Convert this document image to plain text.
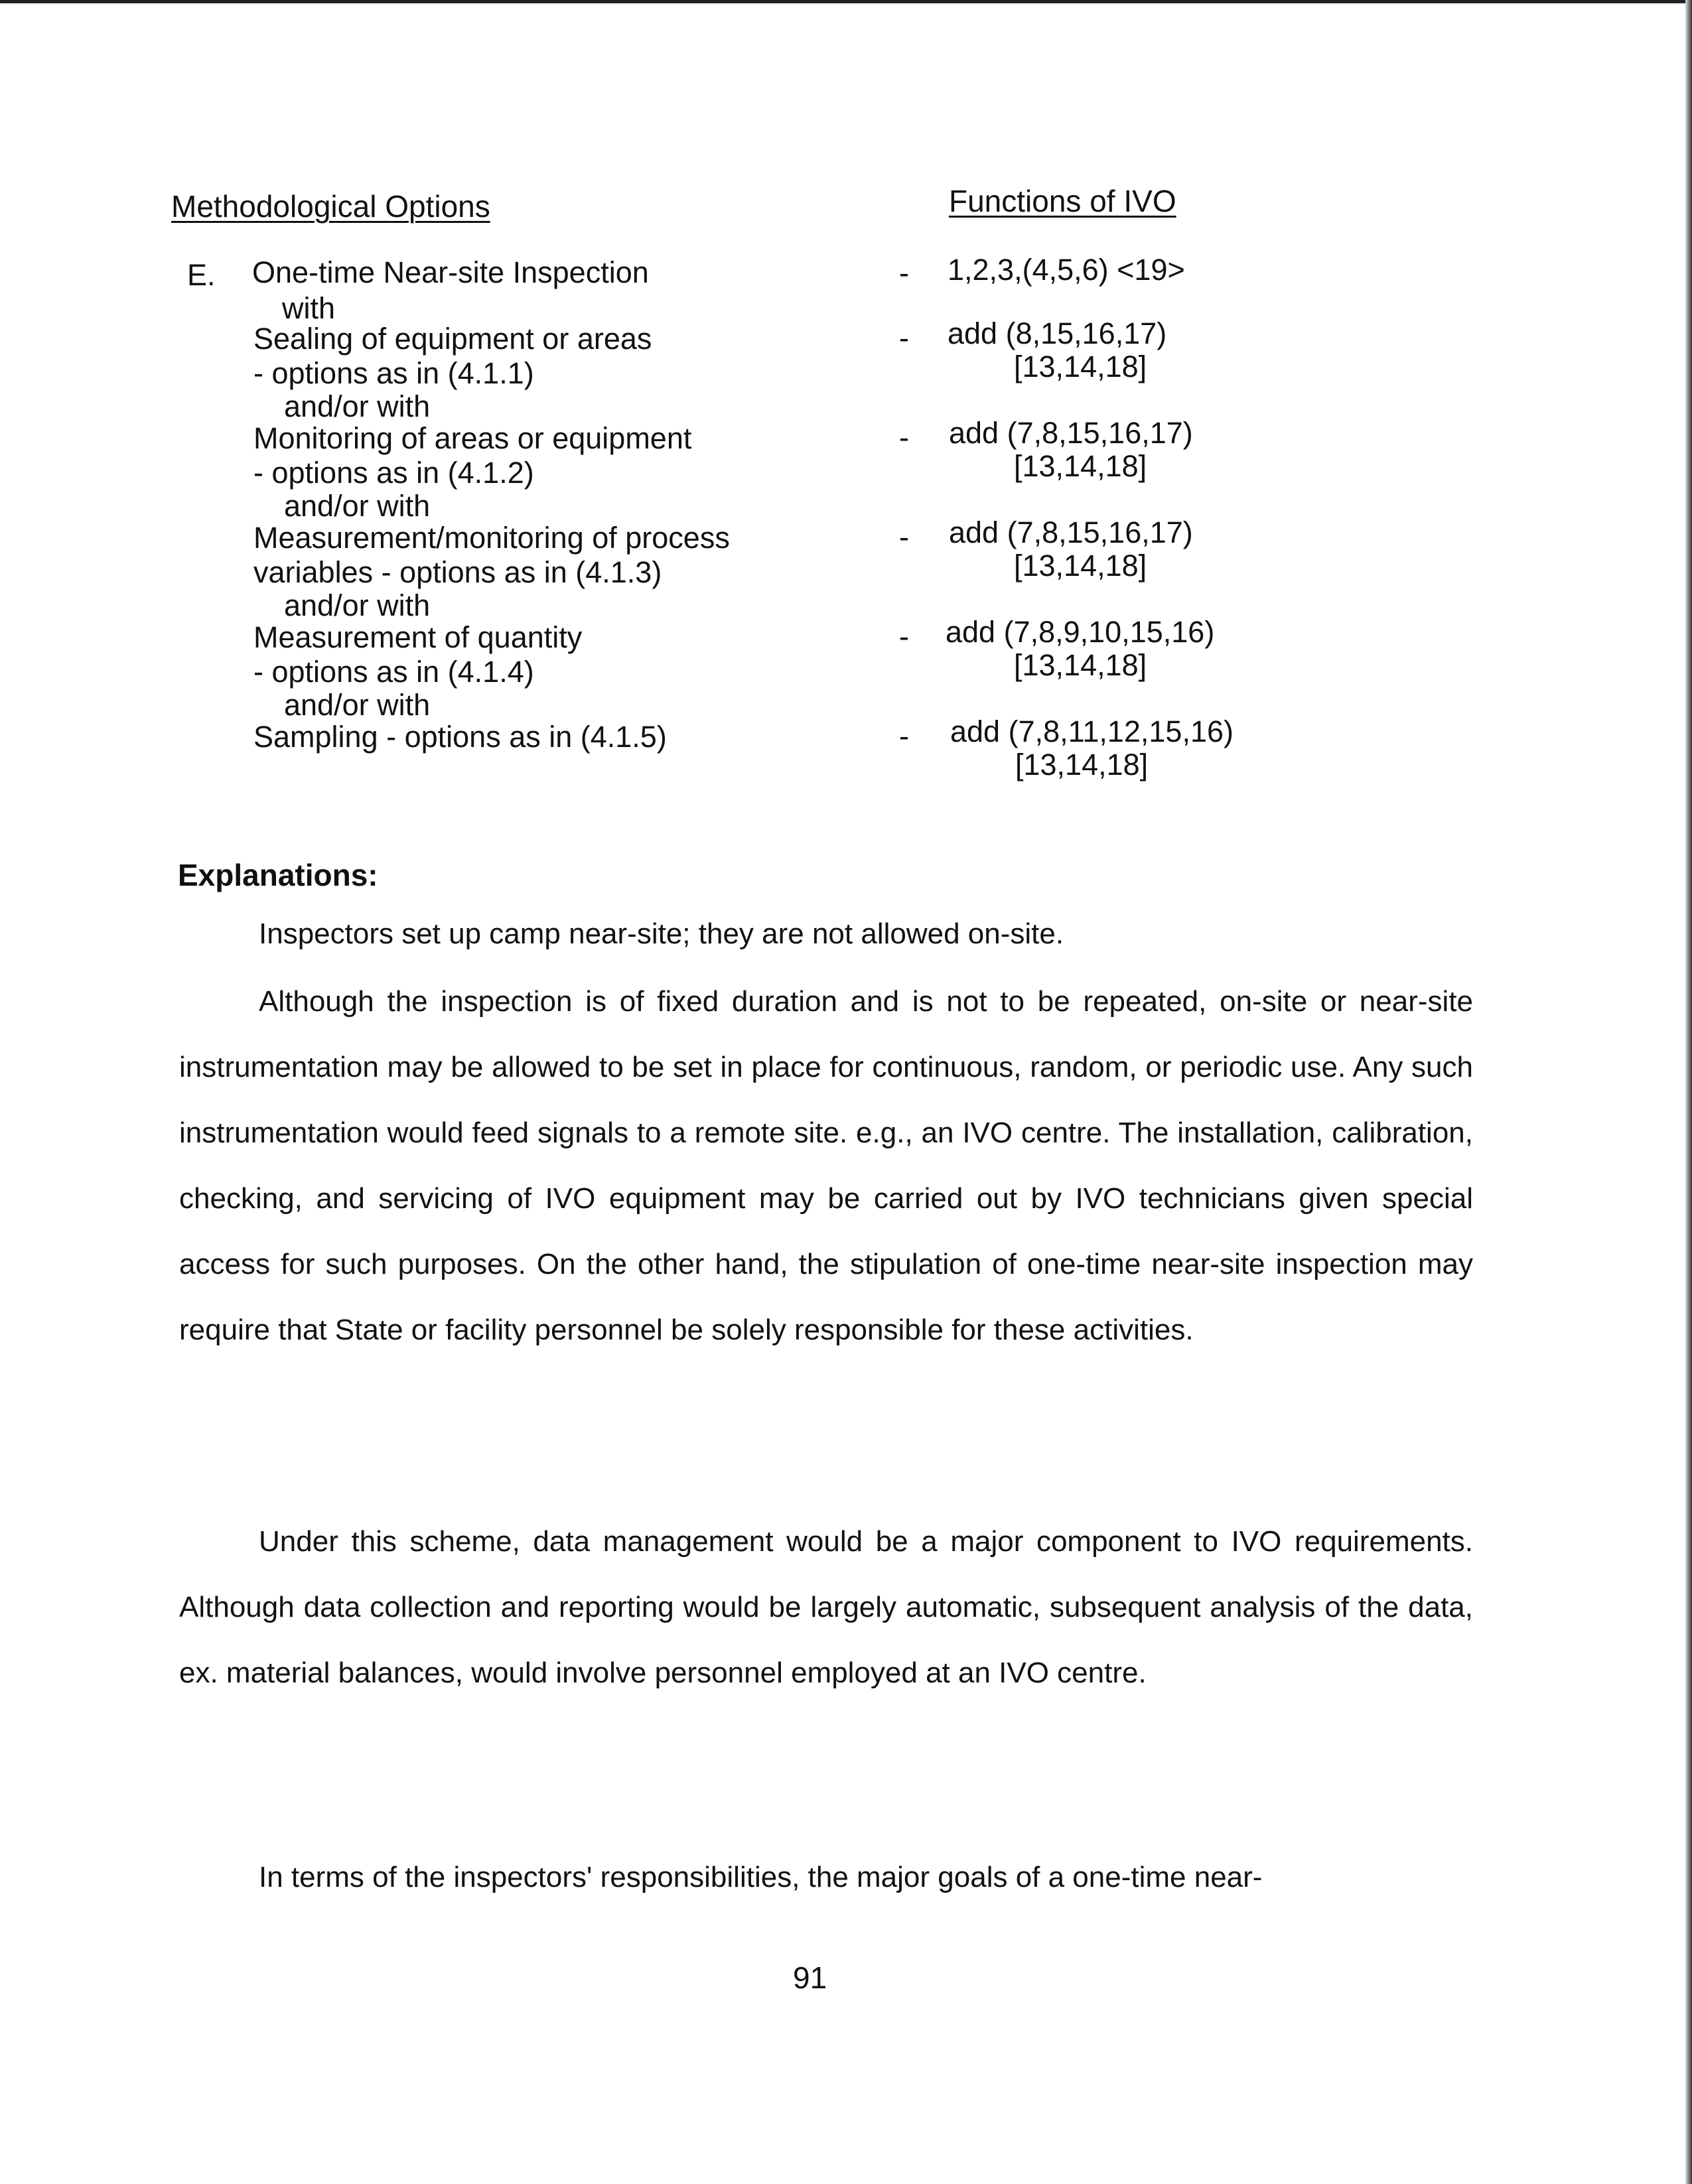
Methodological Options	Functions of IVO
E. One-time Near-site Inspection
with
Sealing of equipment or areas
- options as in (4.1.1)
and/or with
Monitoring of areas or equipment
- options as in (4.1.2)
and/or with
Measurement/monitoring of process
variables - options as in (4.1.3)
and/or with
Measurement of quantity
- options as in (4.1.4)
and/or with
Sampling - options as in (4.1.5)
- 1,2,3,(4,5,6) <19>
- add (8,15,16,17)
[13,14,18]
- add (7,8,15,16,17)
[13,14,18]
- add (7,8,15,16,17)
[13,14,18]
- add (7,8,9,10,15,16)
[13,14,18]
- add (7,8,11,12,15,16)
[13,14,18]
Explanations:
Inspectors set up camp near-site; they are not allowed on-site.
Although the inspection is of fixed duration and is not to be repeated, on-site or near-site instrumentation may be allowed to be set in place for continuous, random, or periodic use. Any such instrumentation would feed signals to a remote site. e.g., an IVO centre. The installation, calibration, checking, and servicing of IVO equipment may be carried out by IVO technicians given special access for such purposes. On the other hand, the stipulation of one-time near-site inspection may require that State or facility personnel be solely responsible for these activities.
Under this scheme, data management would be a major component to IVO requirements. Although data collection and reporting would be largely automatic, subsequent analysis of the data, ex. material balances, would involve personnel employed at an IVO centre.
In terms of the inspectors' responsibilities, the major goals of a one-time near-
91
